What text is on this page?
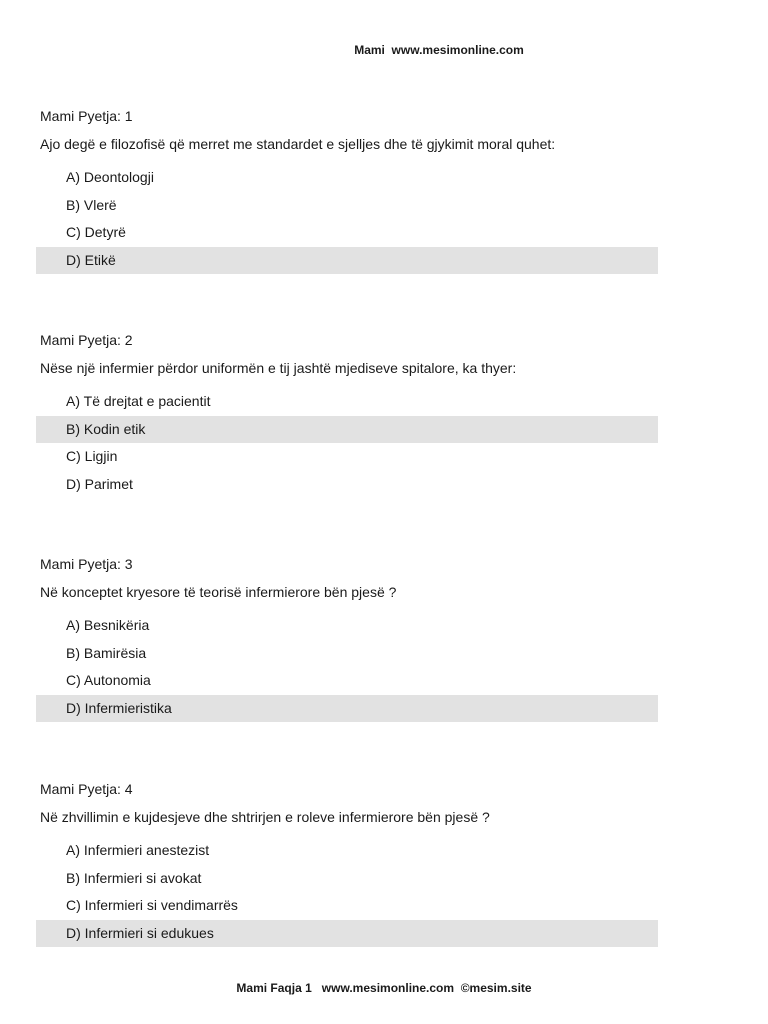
Mami  www.mesimonline.com
Mami Pyetja: 1
Ajo degë e filozofisë që merret me standardet e sjelljes dhe të gjykimit moral quhet:
A) Deontologji
B) Vlerë
C) Detyrë
D) Etikë
Mami Pyetja: 2
Nëse një infermier përdor uniformën e tij jashtë mjediseve spitalore, ka thyer:
A) Të drejtat e pacientit
B) Kodin etik
C) Ligjin
D) Parimet
Mami Pyetja: 3
Në konceptet kryesore të teorisë infermierore bën pjesë ?
A) Besnikëria
B) Bamirësia
C) Autonomia
D) Infermieristika
Mami Pyetja: 4
Në zhvillimin e kujdesjeve dhe shtrirjen e roleve infermierore bën pjesë ?
A) Infermieri anestezist
B) Infermieri si avokat
C) Infermieri si vendimarrës
D) Infermieri si edukues
Mami Faqja 1   www.mesimonline.com  ©mesim.site
